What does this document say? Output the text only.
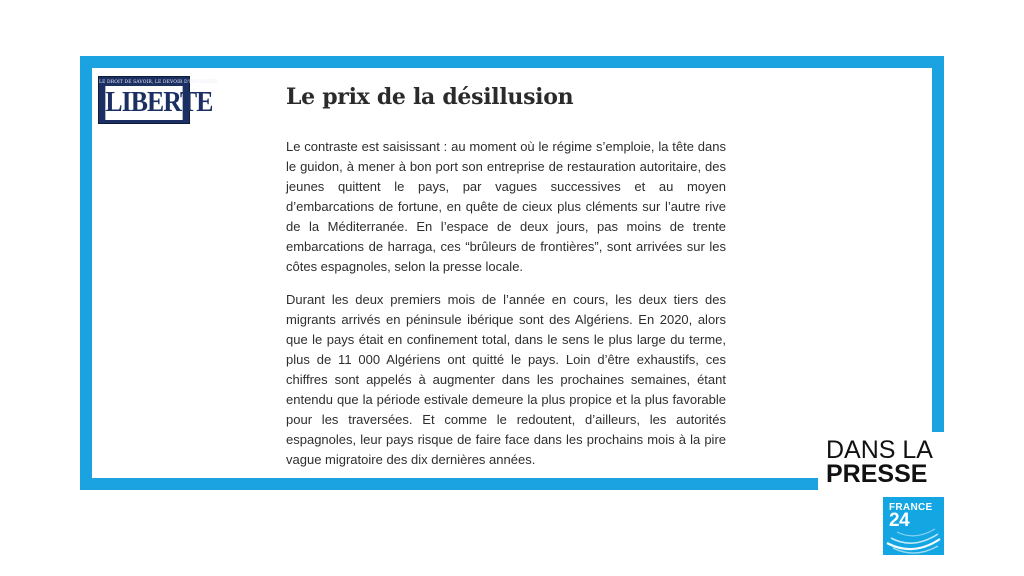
LE DROIT DE SAVOIR, LE DEVOIR D'INFORMER
LIBERTE	Le prix de la désillusion

Le contraste est saisissant : au moment où le régime s’emploie, la tête dans le guidon, à mener à bon port son entreprise de restauration autoritaire, des jeunes quittent le pays, par vagues successives et au moyen d’embarcations de fortune, en quête de cieux plus cléments sur l’autre rive de la Méditerranée. En l’espace de deux jours, pas moins de trente embarcations de harraga, ces “brûleurs de frontières”, sont arrivées sur les côtes espagnoles, selon la presse locale.

Durant les deux premiers mois de l’année en cours, les deux tiers des migrants arrivés en péninsule ibérique sont des Algériens. En 2020, alors que le pays était en confinement total, dans le sens le plus large du terme, plus de 11 000 Algériens ont quitté le pays. Loin d’être exhaustifs, ces chiffres sont appelés à augmenter dans les prochaines semaines, étant entendu que la période estivale demeure la plus propice et la plus favorable pour les traversées. Et comme le redoutent, d’ailleurs, les autorités espagnoles, leur pays risque de faire face dans les prochains mois à la pire vague migratoire des dix dernières années.	DANS LA
PRESSE
FRANCE
24
